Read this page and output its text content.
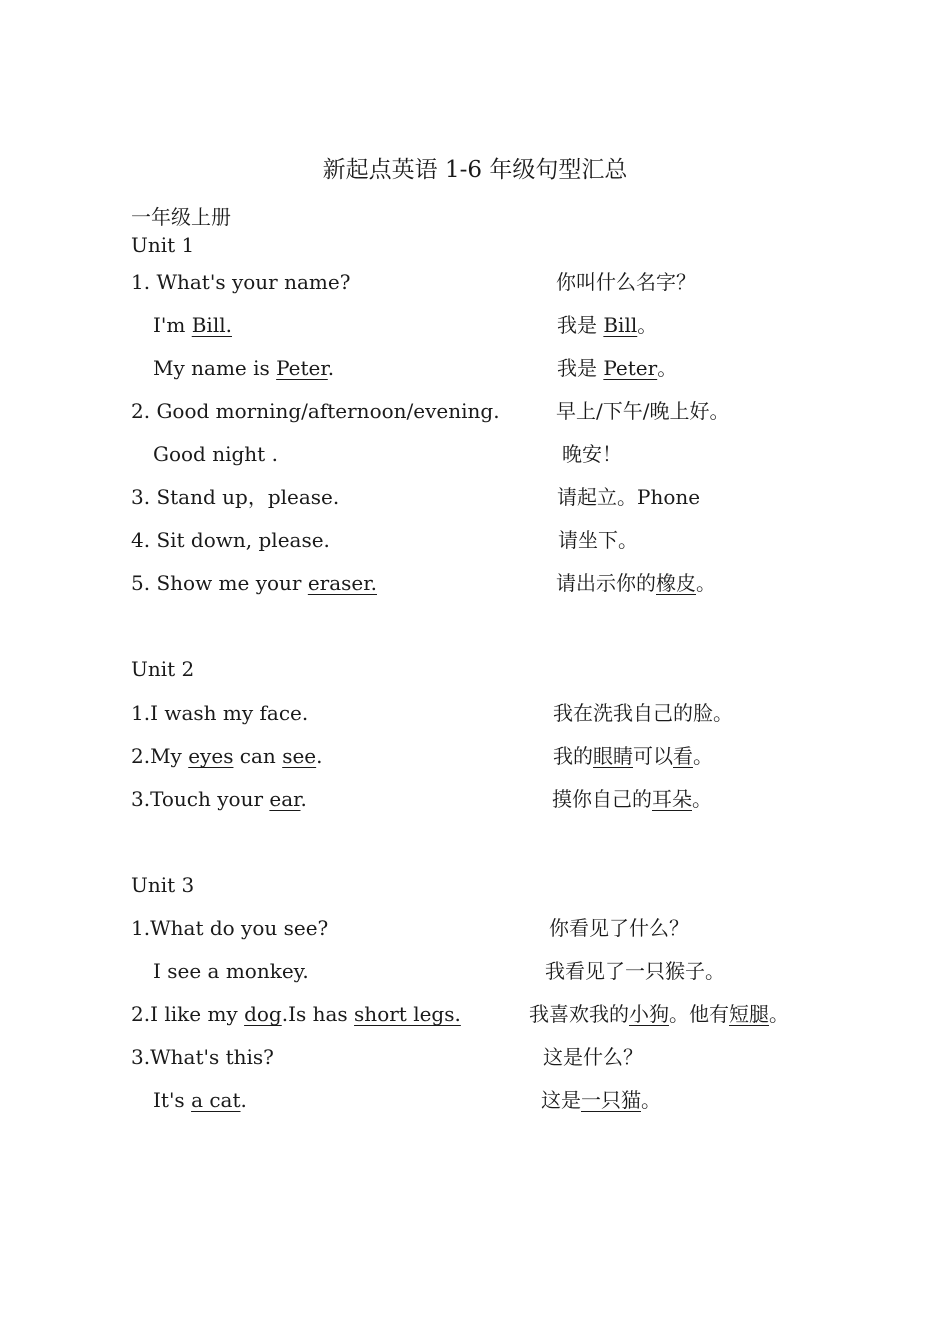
新起点英语 1-6 年级句型汇总
一年级上册
Unit 1
1. What's your name?	你叫什么名字？
I'm Bill.	我是 Bill。
My name is Peter.	我是 Peter。
2. Good morning/afternoon/evening.	早上/下午/晚上好。
Good night .	晚安！
3. Stand up，please.	请起立。Phone
4. Sit down, please.	请坐下。
5. Show me your eraser.	请出示你的橡皮。
Unit 2
1.I wash my face.	我在洗我自己的脸。
2.My eyes can see.	我的眼睛可以看。
3.Touch your ear.	摸你自己的耳朵。
Unit 3
1.What do you see?	你看见了什么？
I see a monkey.	我看见了一只猴子。
2.I like my dog.Is has short legs.	我喜欢我的小狗。他有短腿。
3.What's this?	这是什么？
It's a cat.	这是一只猫。
